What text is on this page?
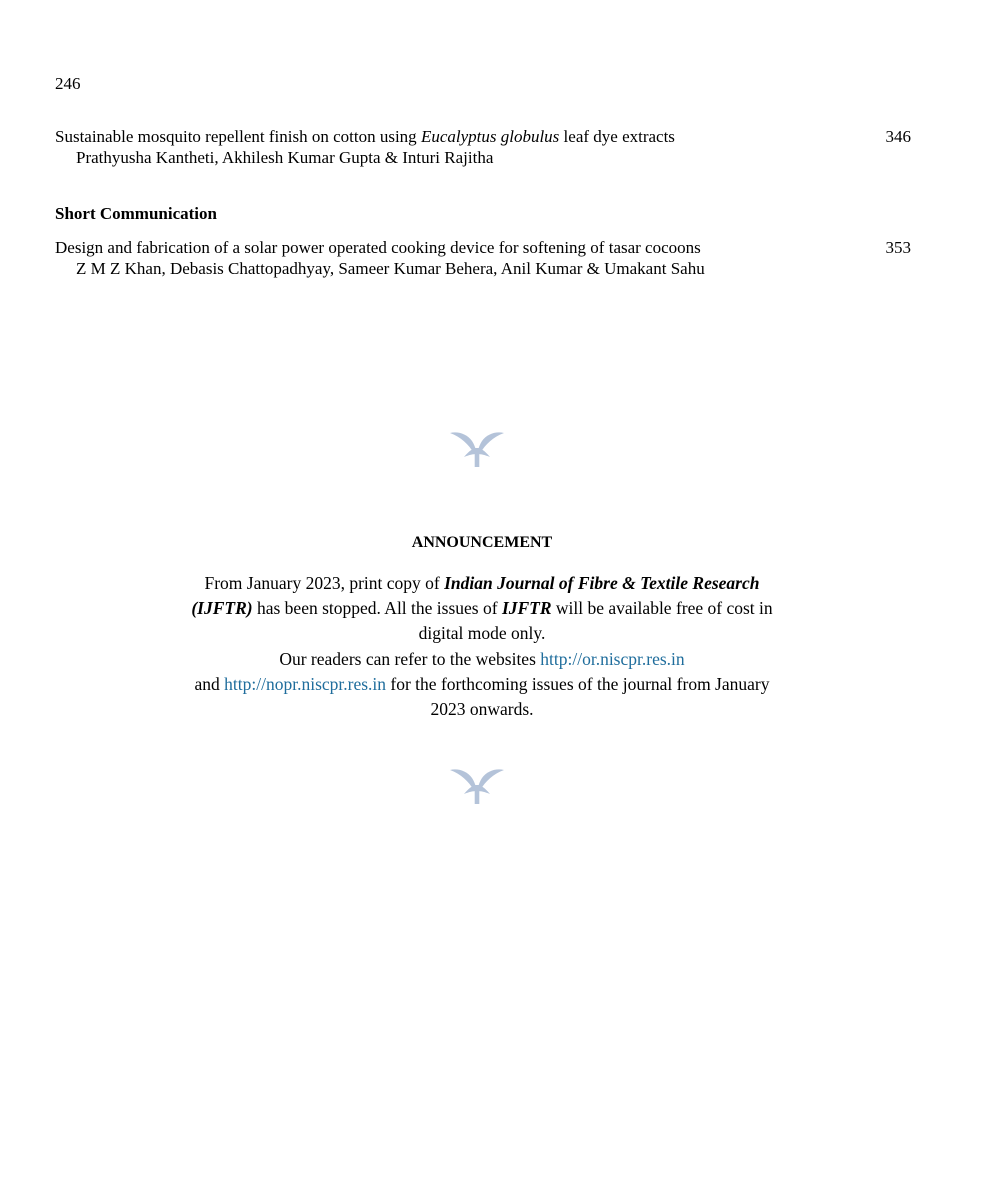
246
Sustainable mosquito repellent finish on cotton using Eucalyptus globulus leaf dye extracts	346
Prathyusha Kantheti, Akhilesh Kumar Gupta & Inturi Rajitha
Short Communication
Design and fabrication of a solar power operated cooking device for softening of tasar cocoons	353
Z M Z Khan, Debasis Chattopadhyay, Sameer Kumar Behera, Anil Kumar & Umakant Sahu
ANNOUNCEMENT
From January 2023, print copy of Indian Journal of Fibre & Textile Research (IJFTR) has been stopped. All the issues of IJFTR will be available free of cost in digital mode only.
Our readers can refer to the websites http://or.niscpr.res.in
and http://nopr.niscpr.res.in for the forthcoming issues of the journal from January 2023 onwards.
